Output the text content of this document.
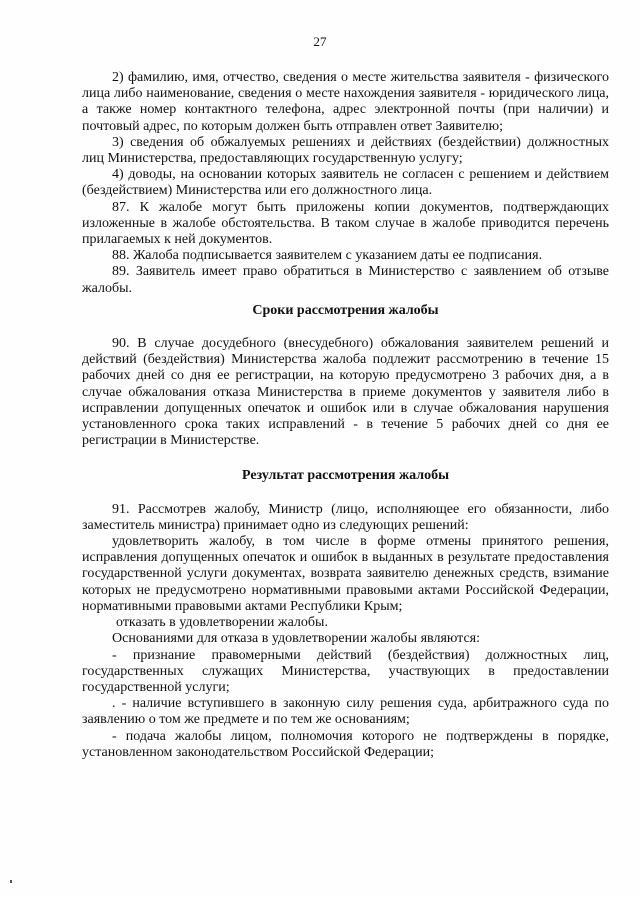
27

2) фамилию, имя, отчество, сведения о месте жительства заявителя - физического лица либо наименование, сведения о месте нахождения заявителя - юридического лица, а также номер контактного телефона, адрес электронной почты (при наличии) и почтовый адрес, по которым должен быть отправлен ответ Заявителю;

3) сведения об обжалуемых решениях и действиях (бездействии) должностных лиц Министерства, предоставляющих государственную услугу;

4) доводы, на основании которых заявитель не согласен с решением и действием (бездействием) Министерства или его должностного лица.

87. К жалобе могут быть приложены копии документов, подтверждающих изложенные в жалобе обстоятельства. В таком случае в жалобе приводится перечень прилагаемых к ней документов.

88. Жалоба подписывается заявителем с указанием даты ее подписания.

89. Заявитель имеет право обратиться в Министерство с заявлением об отзыве жалобы.

Сроки рассмотрения жалобы

90. В случае досудебного (внесудебного) обжалования заявителем решений и действий (бездействия) Министерства жалоба подлежит рассмотрению в течение 15 рабочих дней со дня ее регистрации, на которую предусмотрено 3 рабочих дня, а в случае обжалования отказа Министерства в приеме документов у заявителя либо в исправлении допущенных опечаток и ошибок или в случае обжалования нарушения установленного срока таких исправлений - в течение 5 рабочих дней со дня ее регистрации в Министерстве.

Результат рассмотрения жалобы

91. Рассмотрев жалобу, Министр (лицо, исполняющее его обязанности, либо заместитель министра) принимает одно из следующих решений:

удовлетворить жалобу, в том числе в форме отмены принятого решения, исправления допущенных опечаток и ошибок в выданных в результате предоставления государственной услуги документах, возврата заявителю денежных средств, взимание которых не предусмотрено нормативными правовыми актами Российской Федерации, нормативными правовыми актами Республики Крым;

отказать в удовлетворении жалобы.

Основаниями для отказа в удовлетворении жалобы являются:

- признание правомерными действий (бездействия) должностных лиц, государственных служащих Министерства, участвующих в предоставлении государственной услуги;

. - наличие вступившего в законную силу решения суда, арбитражного суда по заявлению о том же предмете и по тем же основаниям;

- подача жалобы лицом, полномочия которого не подтверждены в порядке, установленном законодательством Российской Федерации;
